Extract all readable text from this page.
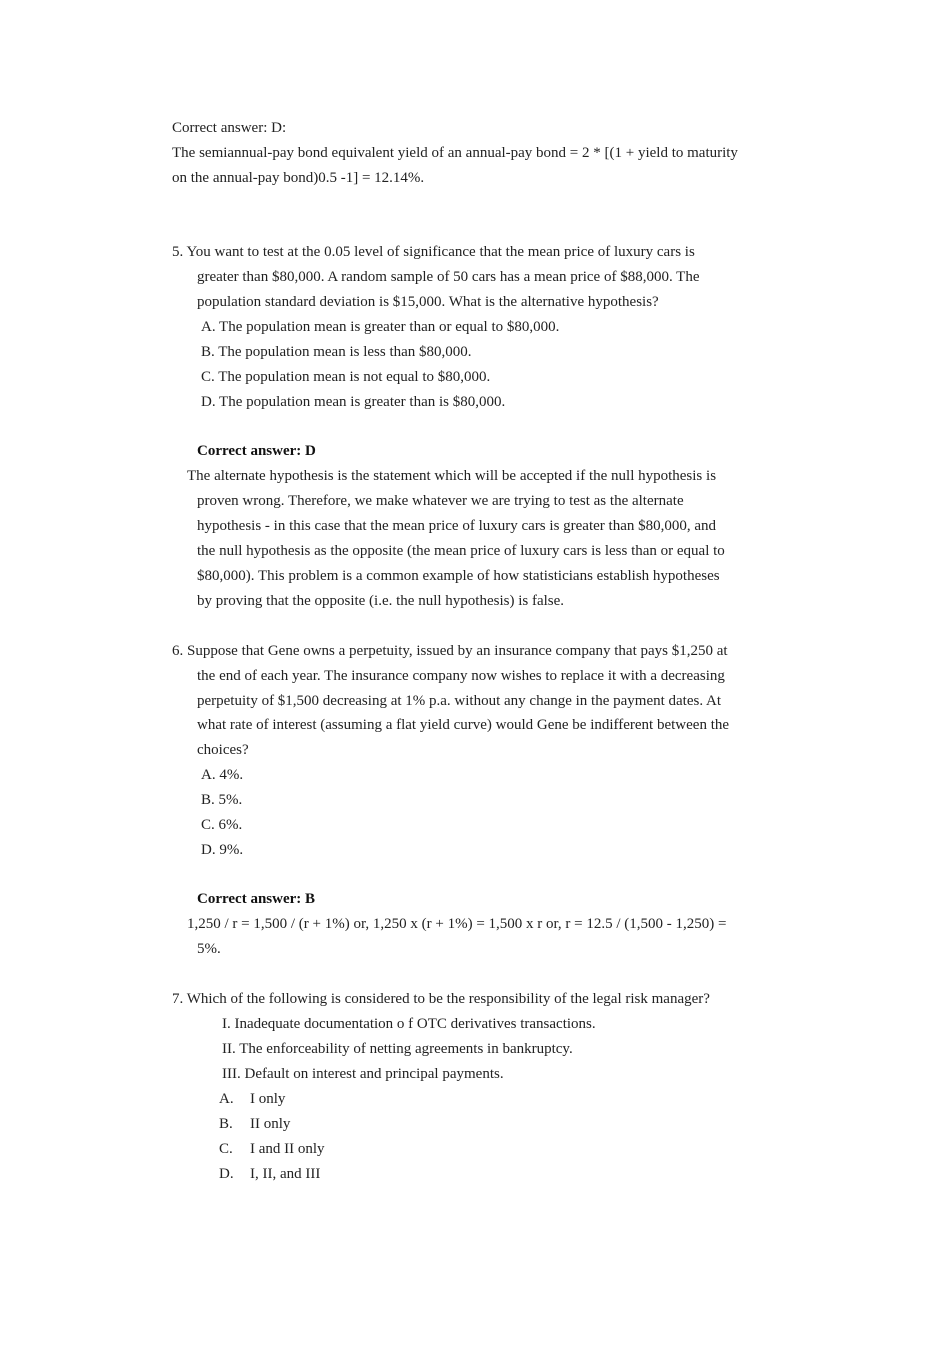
Correct answer: D:
The semiannual-pay bond equivalent yield of an annual-pay bond = 2 * [(1 + yield to maturity
on the annual-pay bond)0.5 -1] = 12.14%.
5. You want to test at the 0.05 level of significance that the mean price of luxury cars is
greater than $80,000. A random sample of 50 cars has a mean price of $88,000. The
population standard deviation is $15,000. What is the alternative hypothesis?
A. The population mean is greater than or equal to $80,000.
B. The population mean is less than $80,000.
C. The population mean is not equal to $80,000.
D. The population mean is greater than is $80,000.
Correct answer: D
The alternate hypothesis is the statement which will be accepted if the null hypothesis is
proven wrong. Therefore, we make whatever we are trying to test as the alternate
hypothesis - in this case that the mean price of luxury cars is greater than $80,000, and
the null hypothesis as the opposite (the mean price of luxury cars is less than or equal to
$80,000). This problem is a common example of how statisticians establish hypotheses
by proving that the opposite (i.e. the null hypothesis) is false.
6. Suppose that Gene owns a perpetuity, issued by an insurance company that pays $1,250 at
the end of each year. The insurance company now wishes to replace it with a decreasing
perpetuity of $1,500 decreasing at 1% p.a. without any change in the payment dates. At
what rate of interest (assuming a flat yield curve) would Gene be indifferent between the
choices?
A. 4%.
B. 5%.
C. 6%.
D. 9%.
Correct answer: B
1,250 / r = 1,500 / (r + 1%) or, 1,250 x (r + 1%) = 1,500 x r or, r = 12.5 / (1,500 - 1,250) =
5%.
7. Which of the following is considered to be the responsibility of the legal risk manager?
I. Inadequate documentation o f OTC derivatives transactions.
II. The enforceability of netting agreements in bankruptcy.
III. Default on interest and principal payments.
A. I only
B. II only
C. I and II only
D. I, II, and III
